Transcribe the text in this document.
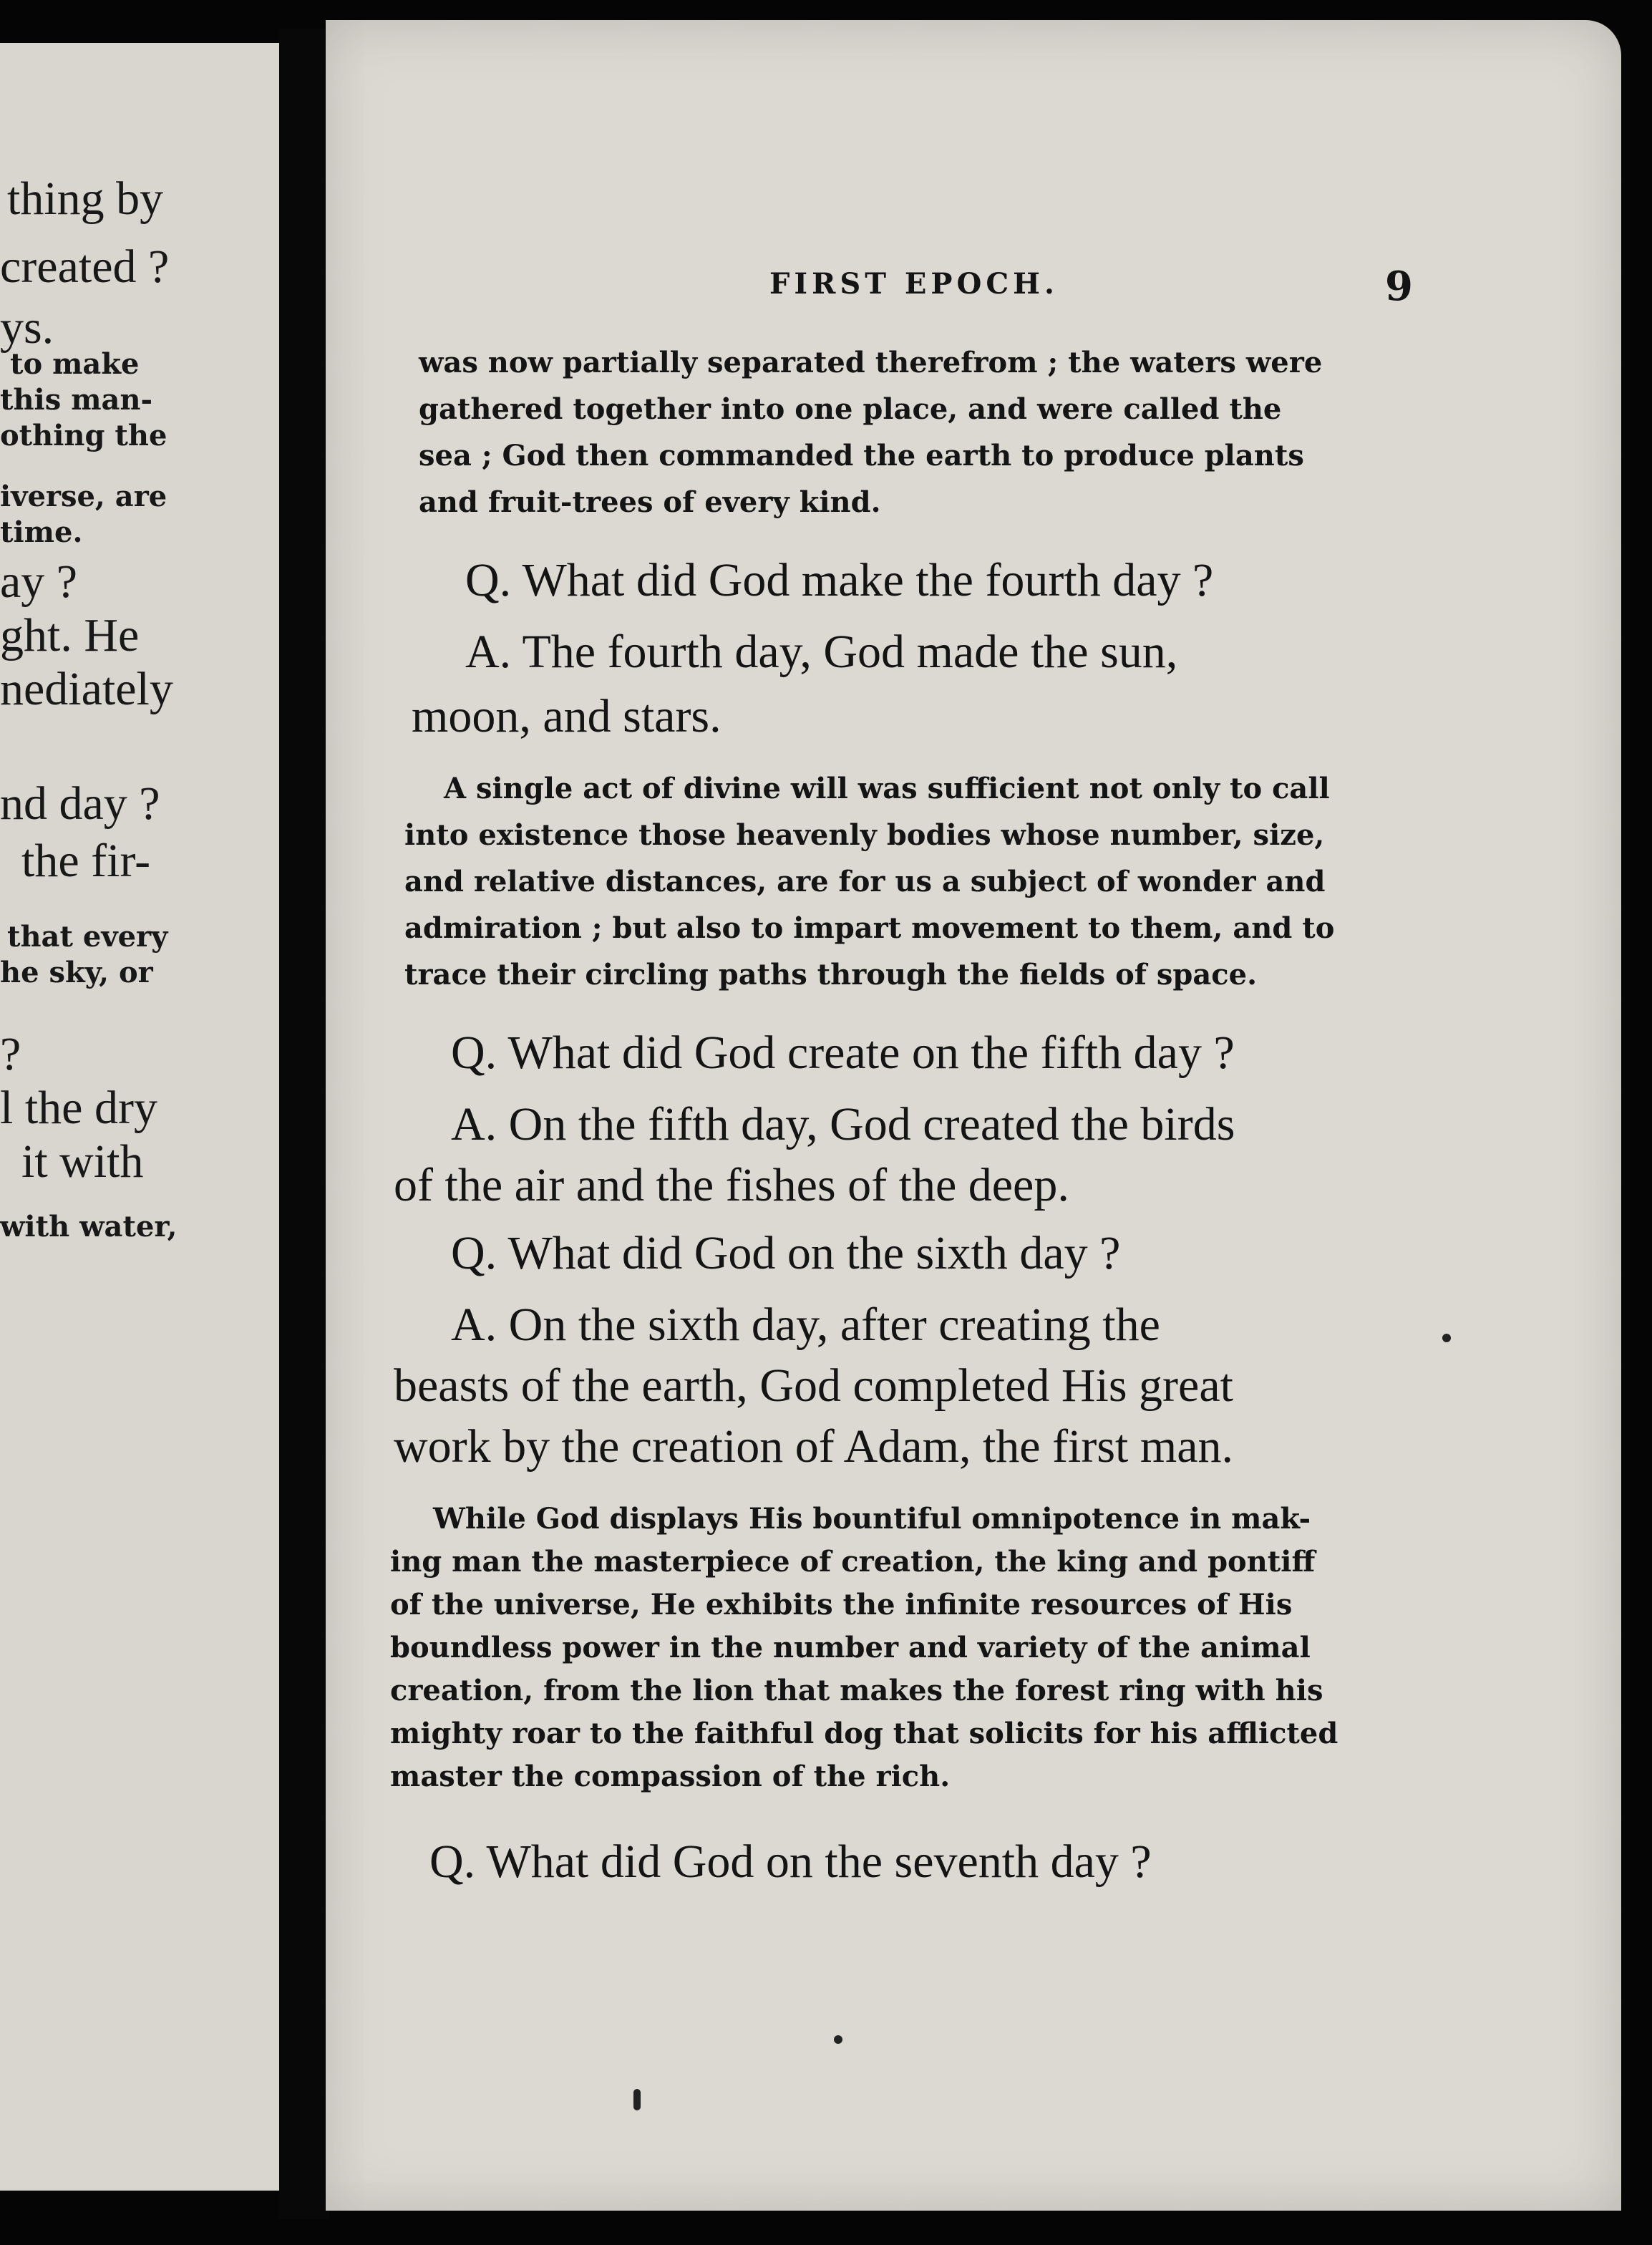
thing by
created ?
ys.
to make
this man-
othing the
iverse, are
time.
ay ?
ght. He
nediately
nd day ?
the fir-
that every
he sky, or
?
l the dry
it with
with water,
FIRST EPOCH.	9
was now partially separated therefrom ; the waters were
gathered together into one place, and were called the
sea ; God then commanded the earth to produce plants
and fruit-trees of every kind.
Q. What did God make the fourth day ?
A. The fourth day, God made the sun,
moon, and stars.
A single act of divine will was sufficient not only to call
into existence those heavenly bodies whose number, size,
and relative distances, are for us a subject of wonder and
admiration ; but also to impart movement to them, and to
trace their circling paths through the fields of space.
Q. What did God create on the fifth day ?
A. On the fifth day, God created the birds
of the air and the fishes of the deep.
Q. What did God on the sixth day ?
A. On the sixth day, after creating the
beasts of the earth, God completed His great
work by the creation of Adam, the first man.
While God displays His bountiful omnipotence in mak-
ing man the masterpiece of creation, the king and pontiff
of the universe, He exhibits the infinite resources of His
boundless power in the number and variety of the animal
creation, from the lion that makes the forest ring with his
mighty roar to the faithful dog that solicits for his afflicted
master the compassion of the rich.
Q. What did God on the seventh day ?
